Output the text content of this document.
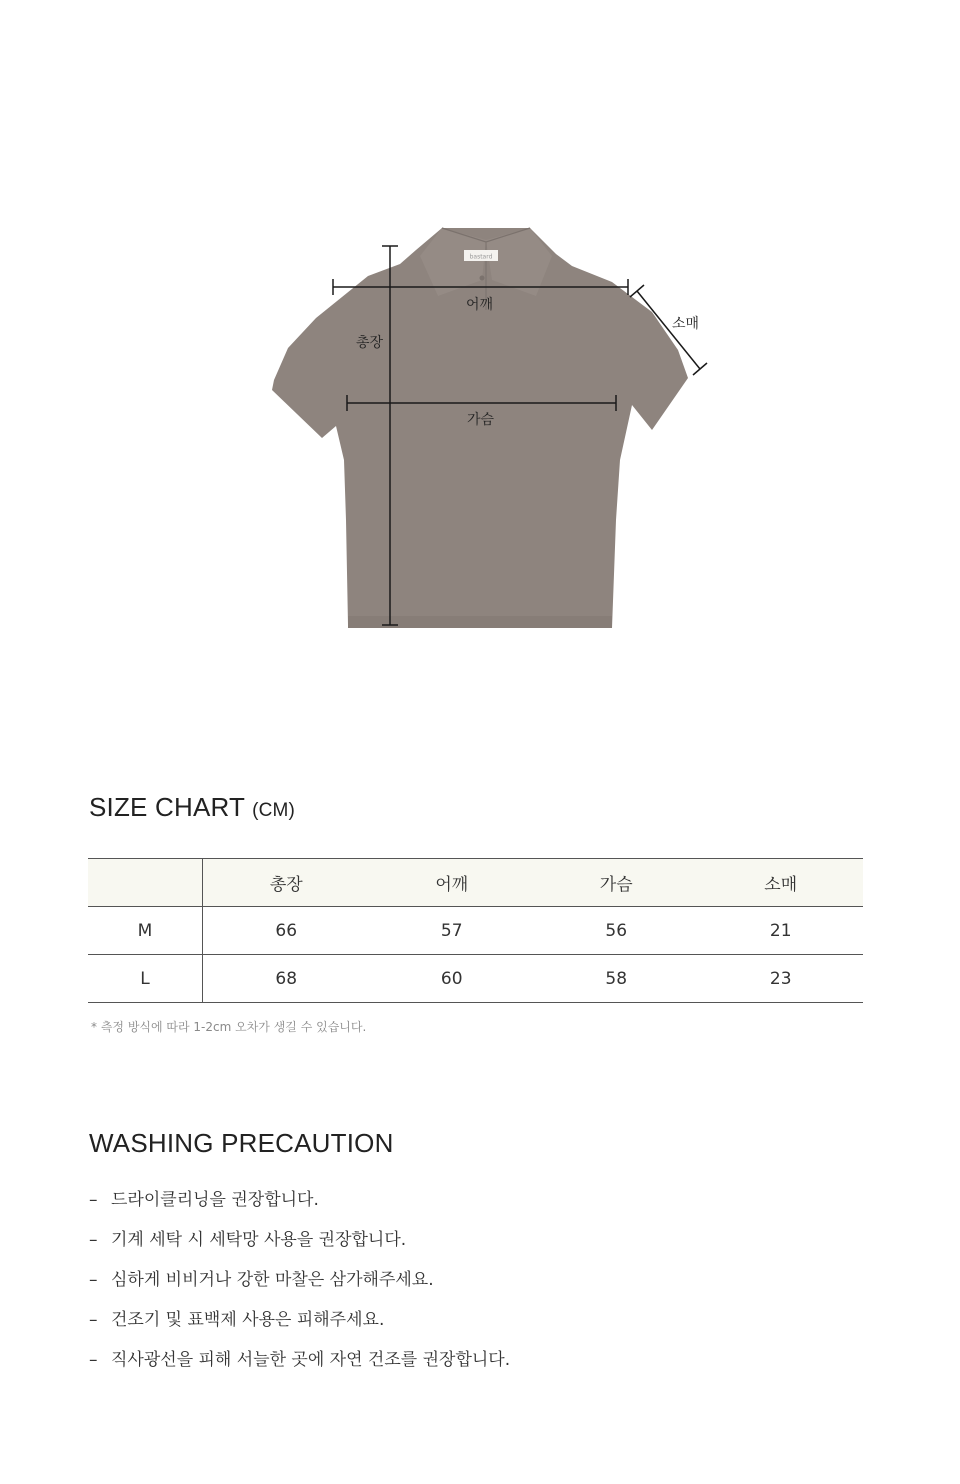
bastard
총장
어깨
가슴
소매
SIZE CHART (CM)
	총장	어깨	가슴	소매
M	66	57	56	21
L	68	60	58	23
* 측정 방식에 따라 1-2cm 오차가 생길 수 있습니다.
WASHING PRECAUTION
– 드라이클리닝을 권장합니다.
– 기계 세탁 시 세탁망 사용을 권장합니다.
– 심하게 비비거나 강한 마찰은 삼가해주세요.
– 건조기 및 표백제 사용은 피해주세요.
– 직사광선을 피해 서늘한 곳에 자연 건조를 권장합니다.
